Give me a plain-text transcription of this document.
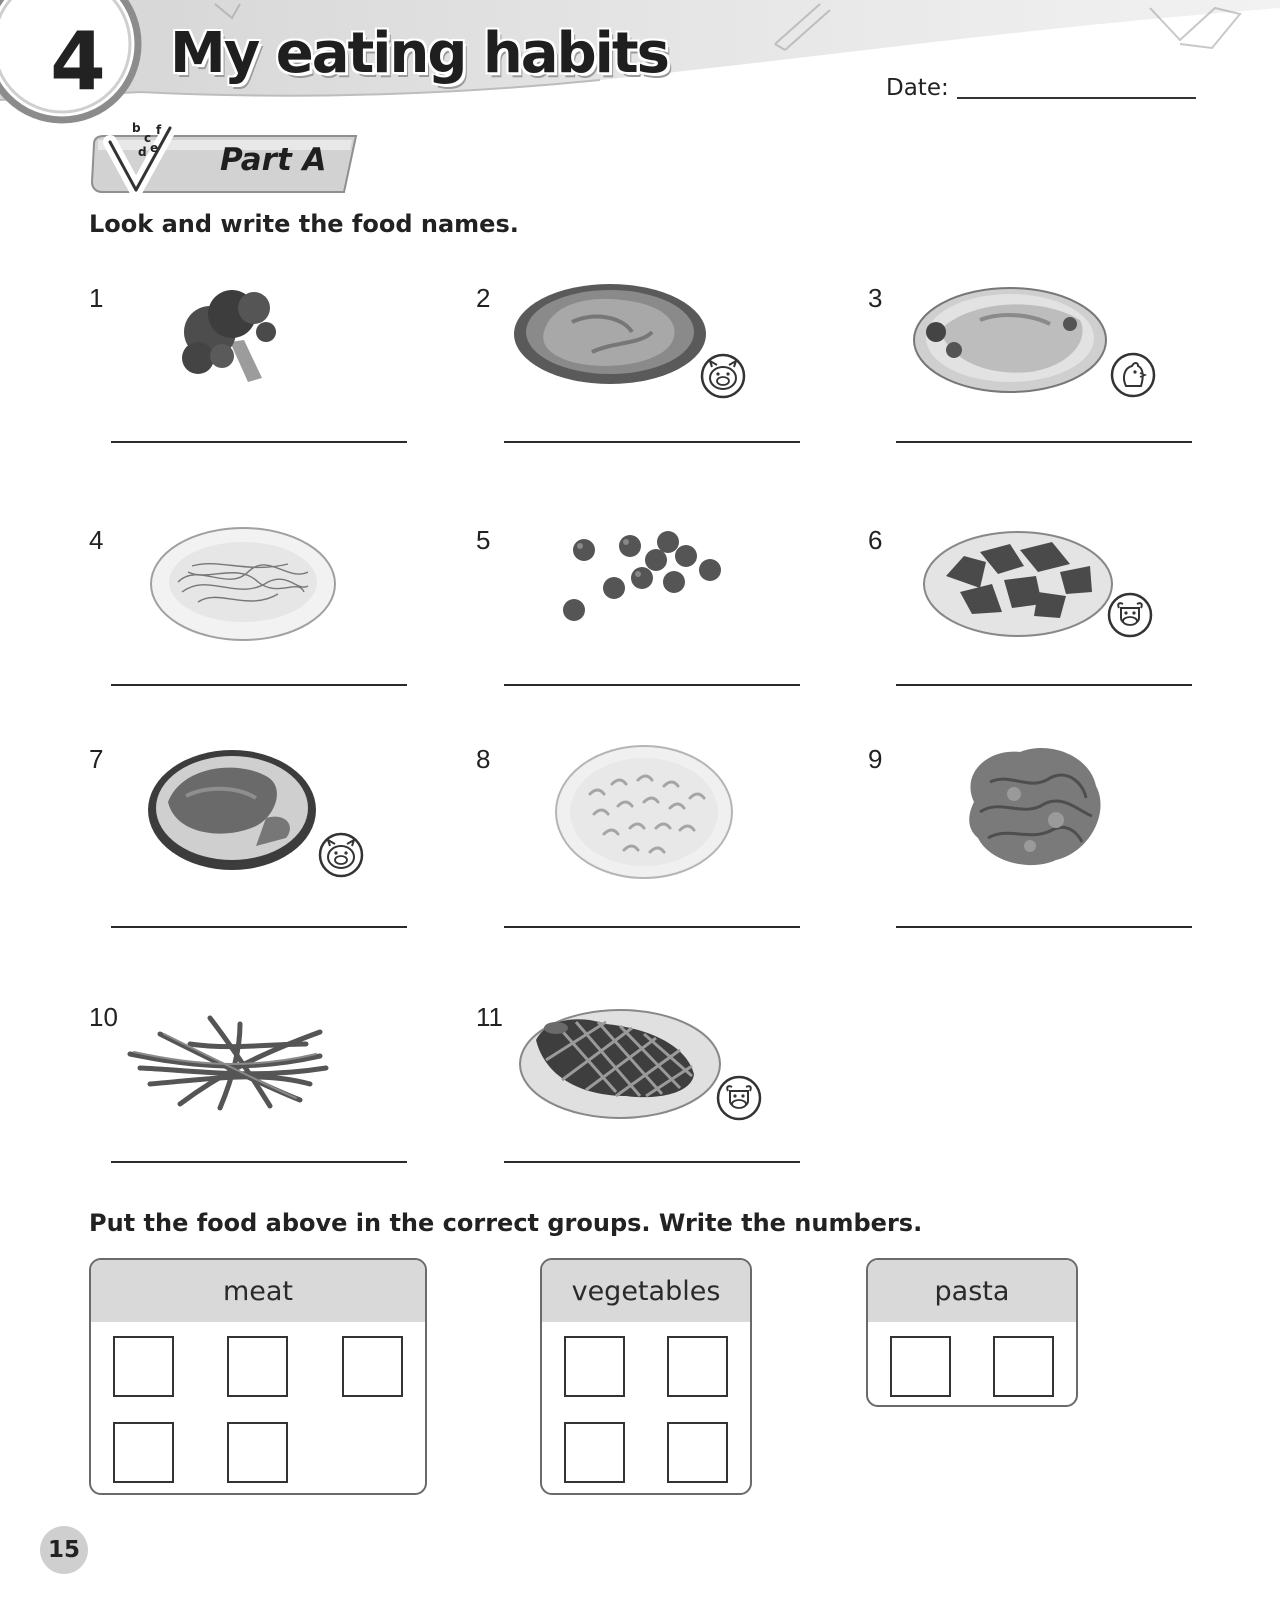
4 My eating habits
Date:
b
c
f
d e Part A
Look and write the food names.
1	2	3
4	5	6
7	8	9
10	11
Put the food above in the correct groups. Write the numbers.
meat	vegetables	pasta
15
